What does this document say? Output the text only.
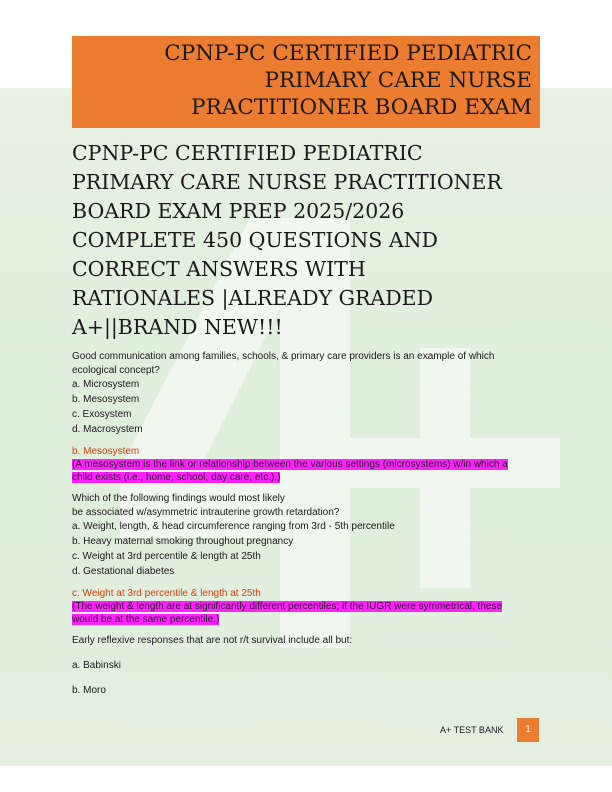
CPNP-PC CERTIFIED PEDIATRIC
PRIMARY CARE NURSE
PRACTITIONER BOARD EXAM
CPNP-PC CERTIFIED PEDIATRIC
PRIMARY CARE NURSE PRACTITIONER
BOARD EXAM PREP 2025/2026
COMPLETE 450 QUESTIONS AND
CORRECT ANSWERS WITH
RATIONALES |ALREADY GRADED
A+||BRAND NEW!!!

Good communication among families, schools, & primary care providers is an example of which

ecological concept?

a. Microsystem

b. Mesosystem

c. Exosystem

d. Macrosystem

b. Mesosystem

(A mesosystem is the link or relationship between the various settings (microsystems) w/in which a
child exists (i.e., home, school, day care, etc.).)

Which of the following findings would most likely

be associated w/asymmetric intrauterine growth retardation?

a. Weight, length, & head circumference ranging from 3rd - 5th percentile

b. Heavy maternal smoking throughout pregnancy

c. Weight at 3rd percentile & length at 25th

d. Gestational diabetes

c. Weight at 3rd percentile & length at 25th

(The weight & length are at significantly different percentiles; if the IUGR were symmetrical, these
would be at the same percentile.)

Early reflexive responses that are not r/t survival include all but:

a. Babinski

b. Moro

A+ TEST BANK	1
